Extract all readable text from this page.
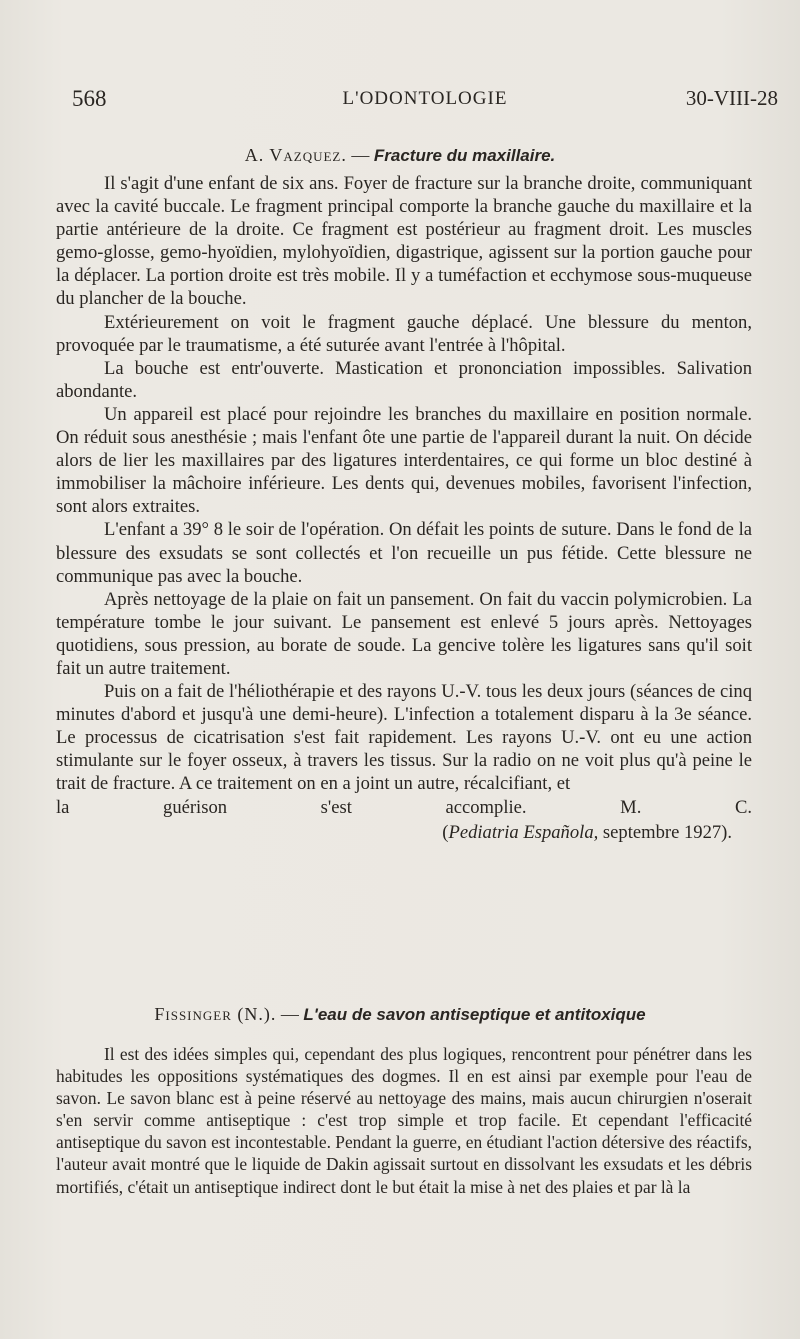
568	L'ODONTOLOGIE	30-VIII-28
A. Vazquez. — Fracture du maxillaire.

Il s'agit d'une enfant de six ans. Foyer de fracture sur la branche droite, communiquant avec la cavité buccale. Le fragment principal comporte la branche gauche du maxillaire et la partie antérieure de la droite. Ce fragment est postérieur au fragment droit. Les muscles gemo-glosse, gemo-hyoïdien, mylohyoïdien, digastrique, agissent sur la portion gauche pour la déplacer. La portion droite est très mobile. Il y a tuméfaction et ecchymose sous-muqueuse du plancher de la bouche.

Extérieurement on voit le fragment gauche déplacé. Une blessure du menton, provoquée par le traumatisme, a été suturée avant l'entrée à l'hôpital.

La bouche est entr'ouverte. Mastication et prononciation impossibles. Salivation abondante.

Un appareil est placé pour rejoindre les branches du maxillaire en position normale. On réduit sous anesthésie ; mais l'enfant ôte une partie de l'appareil durant la nuit. On décide alors de lier les maxillaires par des ligatures interdentaires, ce qui forme un bloc destiné à immobiliser la mâchoire inférieure. Les dents qui, devenues mobiles, favorisent l'infection, sont alors extraites.

L'enfant a 39° 8 le soir de l'opération. On défait les points de suture. Dans le fond de la blessure des exsudats se sont collectés et l'on recueille un pus fétide. Cette blessure ne communique pas avec la bouche.

Après nettoyage de la plaie on fait un pansement. On fait du vaccin polymicrobien. La température tombe le jour suivant. Le pansement est enlevé 5 jours après. Nettoyages quotidiens, sous pression, au borate de soude. La gencive tolère les ligatures sans qu'il soit fait un autre traitement.

Puis on a fait de l'héliothérapie et des rayons U.-V. tous les deux jours (séances de cinq minutes d'abord et jusqu'à une demi-heure). L'infection a totalement disparu à la 3e séance. Le processus de cicatrisation s'est fait rapidement. Les rayons U.-V. ont eu une action stimulante sur le foyer osseux, à travers les tissus. Sur la radio on ne voit plus qu'à peine le trait de fracture. A ce traitement on en a joint un autre, récalcifiant, et

la guérison s'est accomplie.	M. C.

(Pediatria Española, septembre 1927).

Fissinger (N.). — L'eau de savon antiseptique et antitoxique

Il est des idées simples qui, cependant des plus logiques, rencontrent pour pénétrer dans les habitudes les oppositions systématiques des dogmes. Il en est ainsi par exemple pour l'eau de savon. Le savon blanc est à peine réservé au nettoyage des mains, mais aucun chirurgien n'oserait s'en servir comme antiseptique : c'est trop simple et trop facile. Et cependant l'efficacité antiseptique du savon est incontestable. Pendant la guerre, en étudiant l'action détersive des réactifs, l'auteur avait montré que le liquide de Dakin agissait surtout en dissolvant les exsudats et les débris mortifiés, c'était un antiseptique indirect dont le but était la mise à net des plaies et par là la
